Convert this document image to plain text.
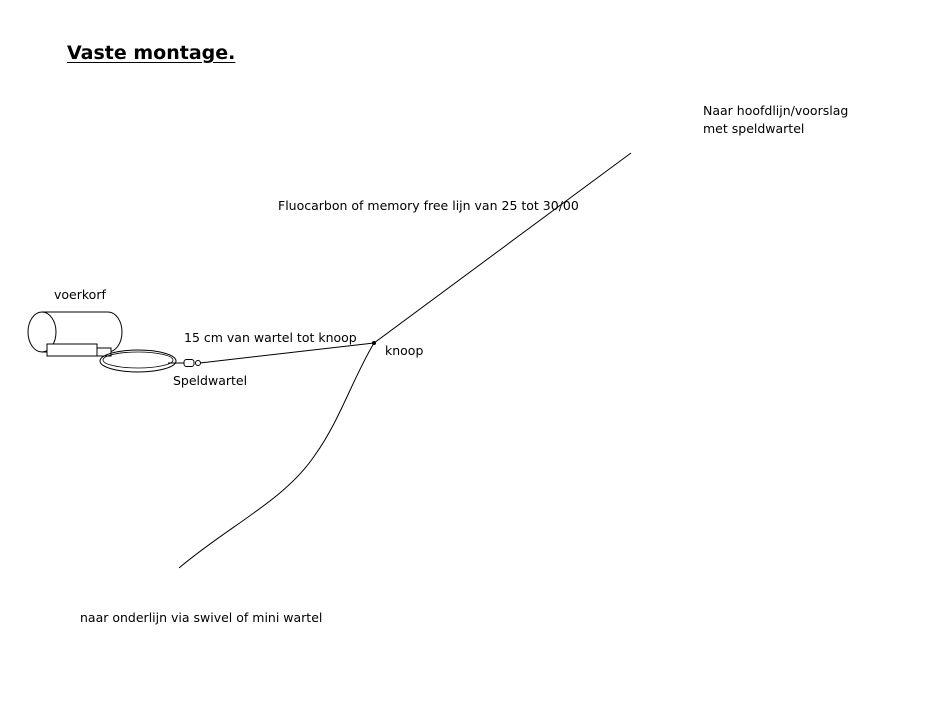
Vaste montage.
Naar hoofdlijn/voorslag
met speldwartel
Fluocarbon of memory free lijn van 25 tot 30/00
voerkorf
15 cm van wartel tot knoop
knoop
Speldwartel
naar onderlijn via swivel of mini wartel
